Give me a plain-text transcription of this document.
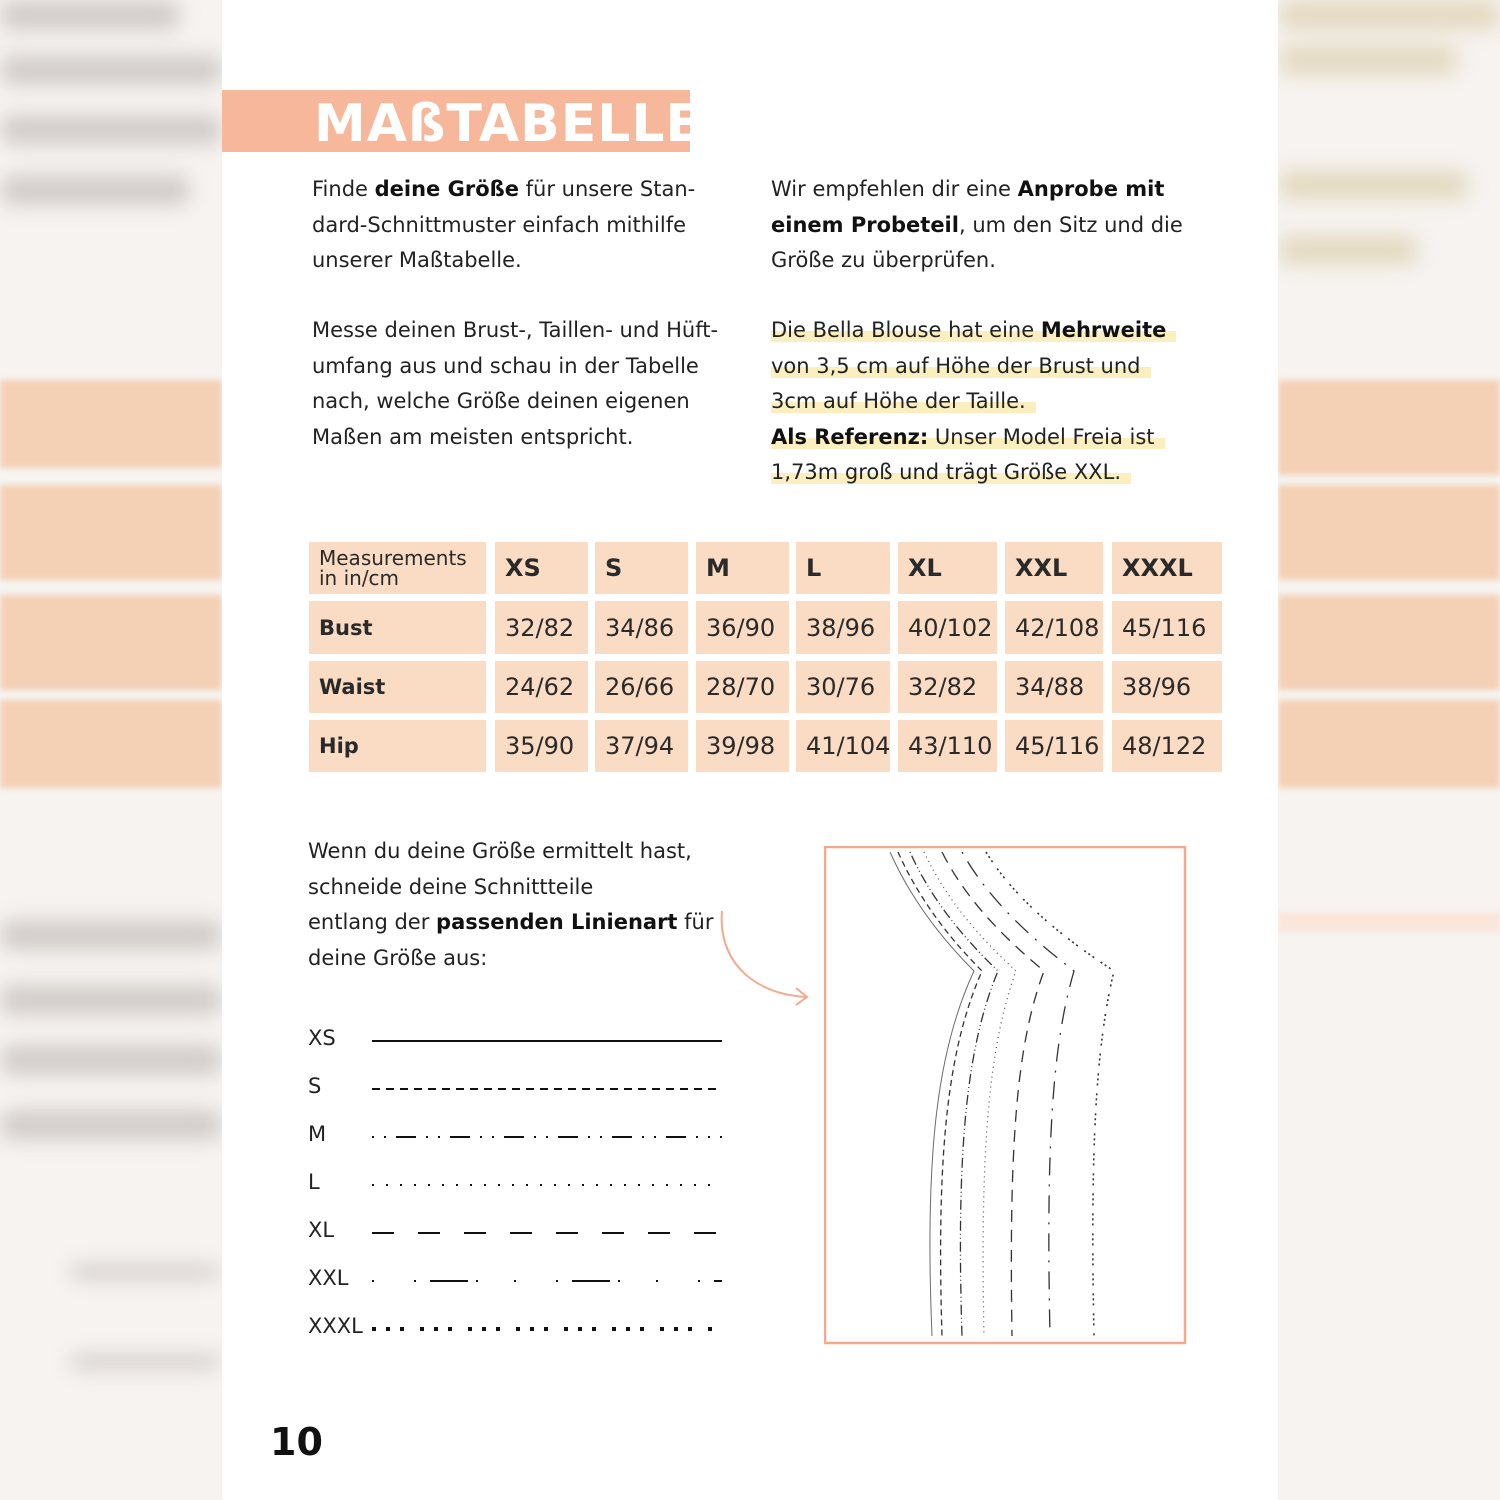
MAßTABELLE
Finde deine Größe für unsere Stan-
dard-Schnittmuster einfach mithilfe
unserer Maßtabelle.
Messe deinen Brust-, Taillen- und Hüft-
umfang aus und schau in der Tabelle
nach, welche Größe deinen eigenen
Maßen am meisten entspricht.
Wir empfehlen dir eine Anprobe mit
einem Probeteil, um den Sitz und die
Größe zu überprüfen.
Die Bella Blouse hat eine Mehrweite
von 3,5 cm auf Höhe der Brust und
3cm auf Höhe der Taille.
Als Referenz: Unser Model Freia ist
1,73m groß und trägt Größe XXL.
Measurements
in in/cm	XS	S	M	L	XL	XXL	XXXL
Bust	32/82	34/86	36/90	38/96	40/102 42/108 45/116
Waist	24/62	26/66	28/70	30/76	32/82	34/88	38/96
Hip	35/90	37/94	39/98	41/104 43/110 45/116 48/122
Wenn du deine Größe ermittelt hast,
schneide deine Schnittteile
entlang der passenden Linienart für
deine Größe aus:
XS
S
M
L
XL
XXL
XXXL
10
